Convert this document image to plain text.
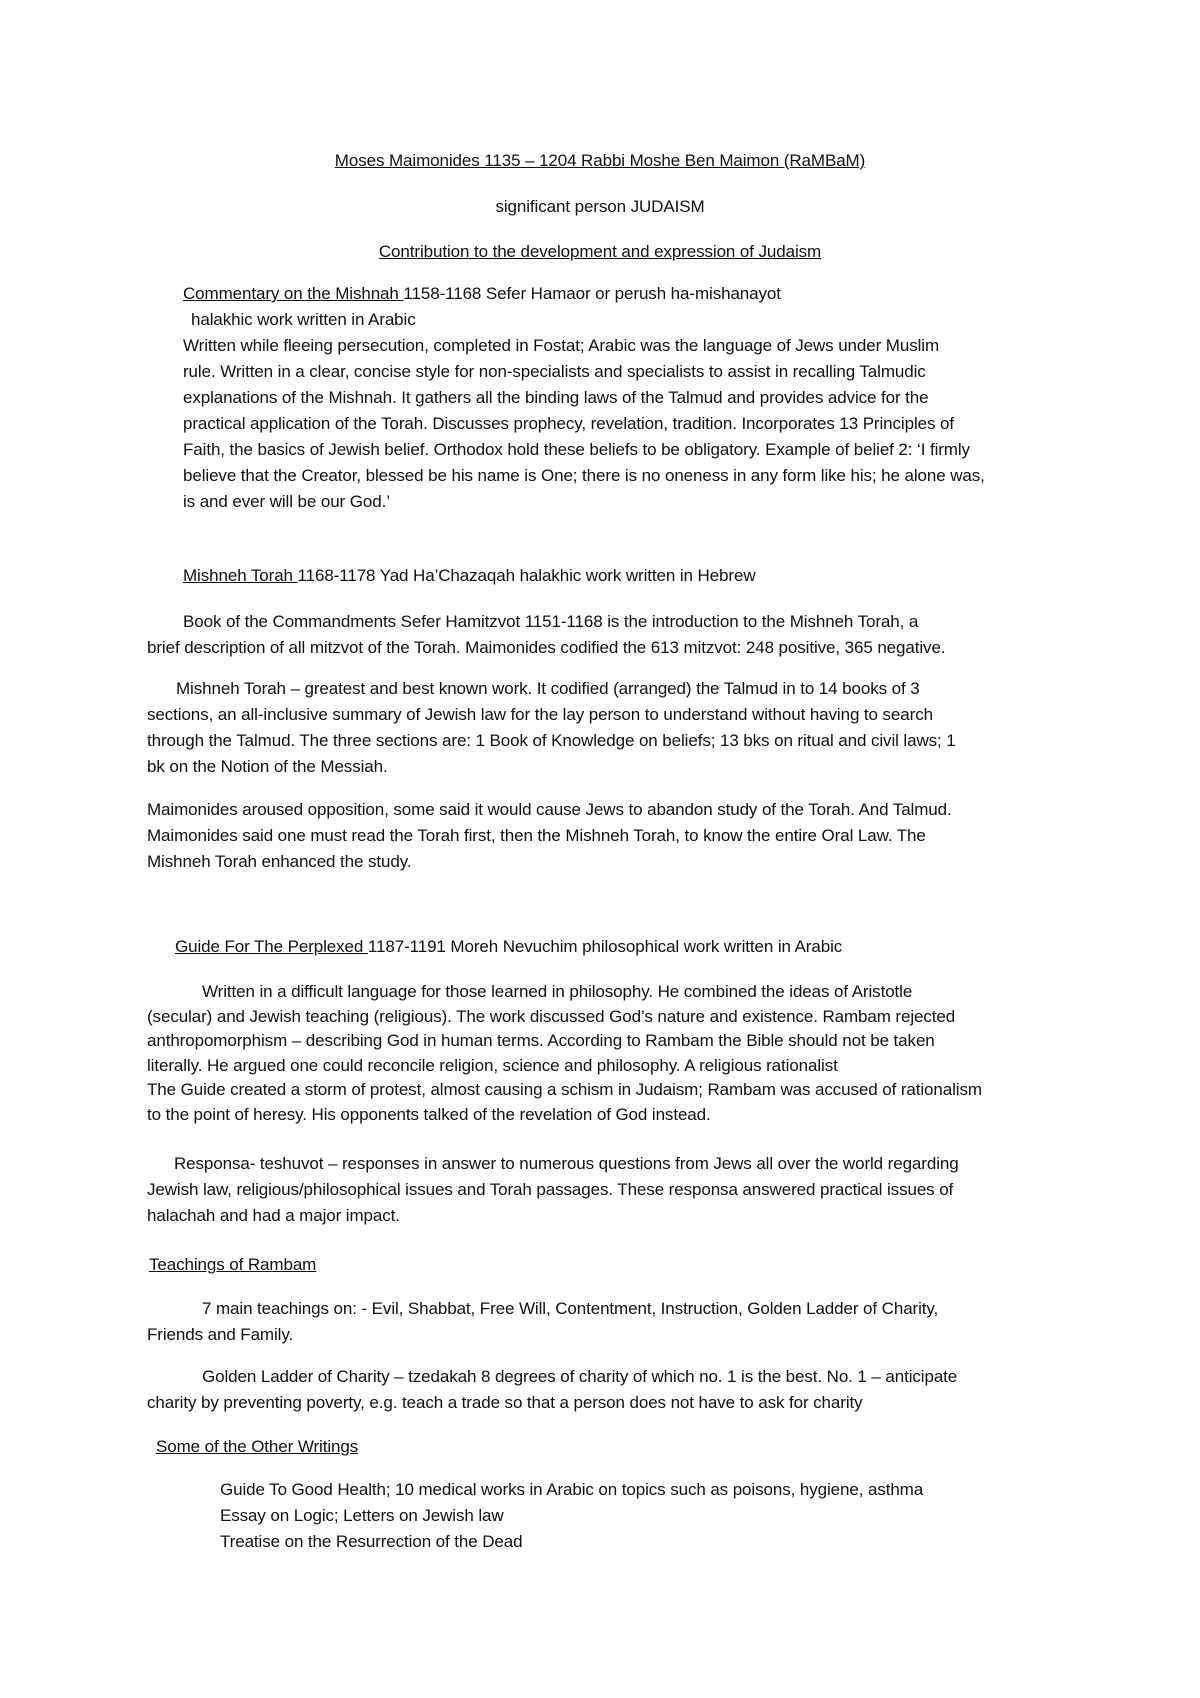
Moses Maimonides 1135 – 1204 Rabbi Moshe Ben Maimon (RaMBaM)
significant person JUDAISM
Contribution to the development and expression of Judaism
Commentary on the Mishnah 1158-1168 Sefer Hamaor or perush ha-mishanayot
halakhic work written in Arabic
Written while fleeing persecution, completed in Fostat; Arabic was the language of Jews under Muslim
rule. Written in a clear, concise style for non-specialists and specialists to assist in recalling Talmudic
explanations of the Mishnah. It gathers all the binding laws of the Talmud and provides advice for the
practical application of the Torah. Discusses prophecy, revelation, tradition. Incorporates 13 Principles of
Faith, the basics of Jewish belief. Orthodox hold these beliefs to be obligatory. Example of belief 2: ‘I firmly
believe that the Creator, blessed be his name is One; there is no oneness in any form like his; he alone was,
is and ever will be our God.’
Mishneh Torah 1168-1178 Yad Ha’Chazaqah halakhic work written in Hebrew
Book of the Commandments Sefer Hamitzvot 1151-1168 is the introduction to the Mishneh Torah, a
brief description of all mitzvot of the Torah. Maimonides codified the 613 mitzvot: 248 positive, 365 negative.
Mishneh Torah – greatest and best known work. It codified (arranged) the Talmud in to 14 books of 3
sections, an all-inclusive summary of Jewish law for the lay person to understand without having to search
through the Talmud. The three sections are: 1 Book of Knowledge on beliefs; 13 bks on ritual and civil laws; 1
bk on the Notion of the Messiah.
Maimonides aroused opposition, some said it would cause Jews to abandon study of the Torah. And Talmud.
Maimonides said one must read the Torah first, then the Mishneh Torah, to know the entire Oral Law. The
Mishneh Torah enhanced the study.
Guide For The Perplexed 1187-1191 Moreh Nevuchim philosophical work written in Arabic
Written in a difficult language for those learned in philosophy. He combined the ideas of Aristotle
(secular) and Jewish teaching (religious). The work discussed God’s nature and existence. Rambam rejected
anthropomorphism – describing God in human terms. According to Rambam the Bible should not be taken
literally. He argued one could reconcile religion, science and philosophy. A religious rationalist
The Guide created a storm of protest, almost causing a schism in Judaism; Rambam was accused of rationalism
to the point of heresy. His opponents talked of the revelation of God instead.
Responsa- teshuvot – responses in answer to numerous questions from Jews all over the world regarding
Jewish law, religious/philosophical issues and Torah passages. These responsa answered practical issues of
halachah and had a major impact.
Teachings of Rambam
7 main teachings on: - Evil, Shabbat, Free Will, Contentment, Instruction, Golden Ladder of Charity,
Friends and Family.
Golden Ladder of Charity – tzedakah 8 degrees of charity of which no. 1 is the best. No. 1 – anticipate
charity by preventing poverty, e.g. teach a trade so that a person does not have to ask for charity
Some of the Other Writings
Guide To Good Health; 10 medical works in Arabic on topics such as poisons, hygiene, asthma
Essay on Logic; Letters on Jewish law
Treatise on the Resurrection of the Dead
